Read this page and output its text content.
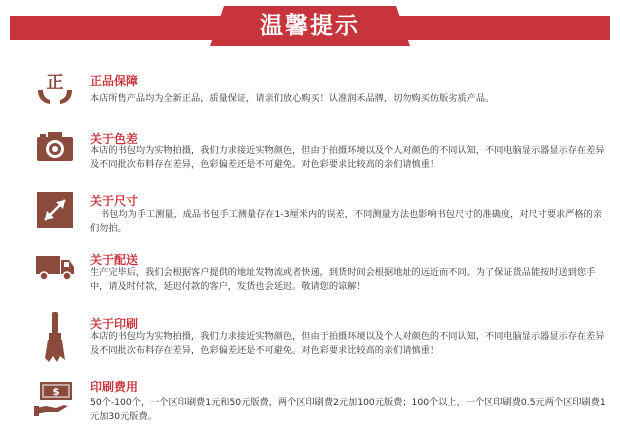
温馨提示
正 正品保障
本店所售产品均为全新正品，质量保证，请亲们放心购买！认准润禾品牌，切勿购买仿版劣质产品。
关于色差
本店的书包均为实物拍摄，我们力求接近实物颜色，但由于拍摄环境以及个人对颜色的不同认知，不同电脑显示器显示存在差异及不同批次布料存在差异，色彩偏差还是不可避免。对色彩要求比较高的亲们请慎重！
关于尺寸
书包均为手工测量，成品书包手工测量存在1-3厘米内的误差，不同测量方法也影响书包尺寸的准确度，对尺寸要求严格的亲们勿拍。
关于配送
生产完毕后，我们会根据客户提供的地址发物流或者快递，到货时间会根据地址的远近而不同。为了保证货品能按时送到您手中，请及时付款，延迟付款的客户，发货也会延迟。敬请您的谅解！
关于印刷
本店的书包均为实物拍摄，我们力求接近实物颜色，但由于拍摄环境以及个人对颜色的不同认知，不同电脑显示器显示存在差异及不同批次布料存在差异，色彩偏差还是不可避免。对色彩要求比较高的亲们请慎重！
$	印刷费用
50个-100个，一个区印刷费1元和50元版费，两个区印刷费2元加100元版费；100个以上，一个区印刷费0.5元两个区印刷费1元加30元版费。
